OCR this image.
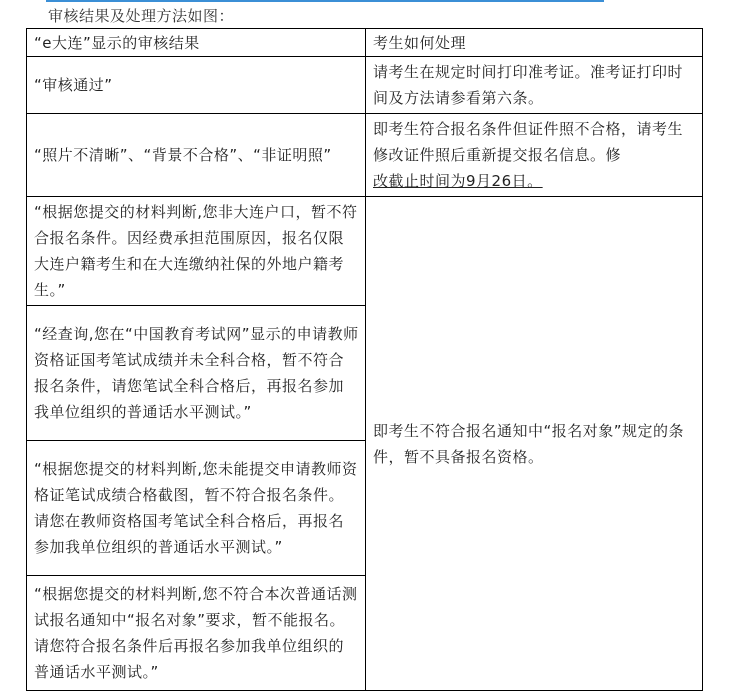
审核结果及处理方法如图：
“e大连”显示的审核结果	考生如何处理
“审核通过”	请考生在规定时间打印准考证。准考证打印时间及方法请参看第六条。
“照片不清晰”、“背景不合格”、“非证明照”	即考生符合报名条件但证件照不合格，请考生修改证件照后重新提交报名信息。修改截止时间为9月26日。
“根据您提交的材料判断,您非大连户口，暂不符合报名条件。因经费承担范围原因，报名仅限大连户籍考生和在大连缴纳社保的外地户籍考生。”	即考生不符合报名通知中“报名对象”规定的条件，暂不具备报名资格。
“经查询,您在“中国教育考试网”显示的申请教师资格证国考笔试成绩并未全科合格，暂不符合报名条件，请您笔试全科合格后，再报名参加我单位组织的普通话水平测试。”	
“根据您提交的材料判断,您未能提交申请教师资格证笔试成绩合格截图，暂不符合报名条件。请您在教师资格国考笔试全科合格后，再报名参加我单位组织的普通话水平测试。”	
“根据您提交的材料判断,您不符合本次普通话测试报名通知中“报名对象”要求，暂不能报名。请您符合报名条件后再报名参加我单位组织的普通话水平测试。”	
